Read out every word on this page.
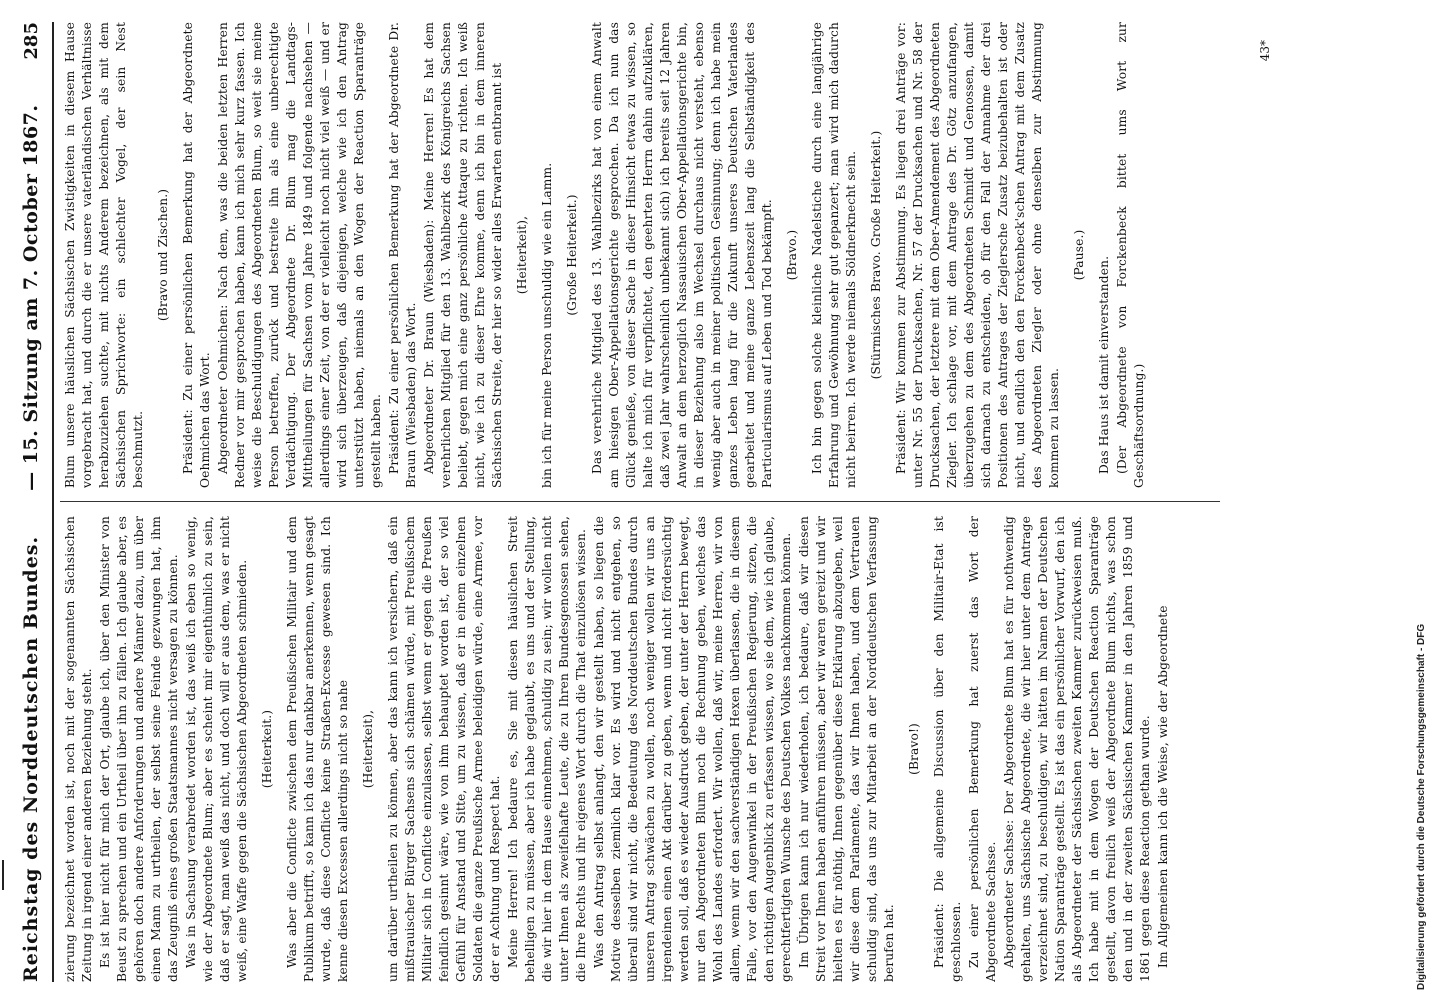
Reichstag des Norddeutschen Bundes.
— 15. Sitzung am 7. October 1867.
285

zierung bezeichnet worden ist, noch mit der sogenannten Sächsischen Zeitung in irgend einer anderen Beziehung steht. Es ist hier nicht für mich der Ort, glaube ich, über den Minister von Beust zu sprechen und ein Urtheil über ihn zu fällen. Ich glaube aber, es gehören doch andere Anforderungen und andere Männer dazu, um über einen Mann zu urtheilen, der selbst seine Feinde gezwungen hat, ihm das Zeugniß eines großen Staatsmannes nicht versagen zu können. Was in Sachsung verabredet worden ist, das weiß ich eben so wenig, wie der Abgeordnete Blum; aber es scheint mir eigenthümlich zu sein, daß er sagt, man weiß das nicht, und doch will er aus dem, was er nicht weiß, eine Waffe gegen die Sächsischen Abgeordneten schmieden. (Heiterkeit.) Was aber die Conflicte zwischen dem Preußischen Militair und dem Publikum betrifft, so kann ich das nur dankbar anerkennen, wenn gesagt wurde, daß diese Conflicte keine Straßen-Excesse gewesen sind. Ich kenne diesen Excessen allerdings nicht so nahe (Heiterkeit), um darüber urtheilen zu können, aber das kann ich versichern, daß ein mißtrauischer Bürger Sachsens sich schämen würde, mit Preußischem Militair sich in Conflicte einzulassen, selbst wenn er gegen die Preußen feindlich gesinnt wäre, wie von ihm behauptet worden ist, der so viel Gefühl für Anstand und Sitte, um zu wissen, daß er in einem einzelnen Soldaten die ganze Preußische Armee beleidigen würde, eine Armee, vor der er Achtung und Respect hat. Meine Herren! Ich bedaure es, Sie mit diesen häuslichen Streit behelligen zu müssen, aber ich habe geglaubt, es uns und der Stellung, die wir hier in dem Hause einnehmen, schuldig zu sein; wir wollen nicht unter Ihnen als zweifelhafte Leute, die zu Ihren Bundesgenossen sehen, die Ihre Rechts und ihr eigenes Wort durch die That einzulösen wissen. Was den Antrag selbst anlangt, den wir gestellt haben, so liegen die Motive desselben ziemlich klar vor. Es wird und nicht entgehen, so überall sind wir nicht, die Bedeutung des Norddeutschen Bundes durch unseren Antrag schwächen zu wollen, noch weniger wollen wir uns an irgendeinen einen Akt darüber zu geben, wenn und nicht fördersüchtig werden soll, daß es wieder Ausdruck geben, der unter der Herrn bewegt, nur den Abgeordneten Blum noch die Rechnung geben, welches das Wohl des Landes erfordert. Wir wollen, daß wir, meine Herren, wir von allem, wenn wir den sachverständigen Hexen überlassen, die in diesem Falle, vor den Augenwinkel in der Preußischen Regierung, sitzen, die den richtigen Augenblick zu erfassen wissen, wo sie dem, wie ich glaube, gerechtfertigten Wunsche des Deutschen Volkes nachkommen können. Im Übrigen kann ich nur wiederholen, ich bedaure, daß wir diesen Streit vor Ihnen haben anführen müssen, aber wir waren gereizt und wir hielten es für nöthig, Ihnen gegenüber diese Erklärung abzugeben, weil wir diese dem Parlamente, das wir Ihnen haben, und dem Vertrauen schuldig sind, das uns zur Mitarbeit an der Norddeutschen Verfassung berufen hat.

(Bravo!) Präsident: Die allgemeine Discussion über den Militair-Etat ist geschlossen. Zu einer persönlichen Bemerkung hat zuerst das Wort der Abgeordnete Sachsse. Abgeordneter Sachsse: Der Abgeordnete Blum hat es für nothwendig gehalten, uns Sächsische Abgeordnete, die wir hier unter dem Antrage verzeichnet sind, zu beschuldigen, wir hätten im Namen der Deutschen Nation Sparanträge gestellt. Es ist das ein persönlicher Vorwurf, den ich als Abgeordneter der Sächsischen zweiten Kammer zurückweisen muß. Ich habe mit in dem Wogen der Deutschen Reaction Sparanträge gestellt, davon freilich weiß der Abgeordnete Blum nichts, was schon den und in der zweiten Sächsischen Kammer in den Jahren 1859 und 1861 gegen diese Reaction gethan wurde. Im Allgemeinen kann ich die Weise, wie der Abgeordnete

Blum unsere häuslichen Sächsischen Zwistigkeiten in diesem Hause vorgebracht hat, und durch die er unsere vaterländischen Verhältnisse herabzuziehen suchte, mit nichts Anderem bezeichnen, als mit dem Sächsischen Sprichworte: ein schlechter Vogel, der sein Nest beschmutzt.

(Bravo und Zischen.) Präsident: Zu einer persönlichen Bemerkung hat der Abgeordnete Oehmichen das Wort. Abgeordneter Oehmichen: Nach dem, was die beiden letzten Herren Redner vor mir gesprochen haben, kann ich mich sehr kurz fassen. Ich weise die Beschuldigungen des Abgeordneten Blum, so weit sie meine Person betreffen, zurück und bestreite ihn als eine unberechtigte Verdächtigung. Der Abgeordnete Dr. Blum mag die Landtags-Mittheilungen für Sachsen vom Jahre 1849 und folgende nachsehen — allerdings einer Zeit, von der er vielleicht noch nicht viel weiß — und er wird sich überzeugen, daß diejenigen, welche wie ich den Antrag unterstützt haben, niemals an den Wogen der Reaction Sparanträge gestellt haben. Präsident: Zu einer persönlichen Bemerkung hat der Abgeordnete Dr. Braun (Wiesbaden) das Wort. Abgeordneter Dr. Braun (Wiesbaden): Meine Herren! Es hat dem verehrlichen Mitglied für den 13. Wahlbezirk des Königreichs Sachsen beliebt, gegen mich eine ganz persönliche Attaque zu richten. Ich weiß nicht, wie ich zu dieser Ehre komme, denn ich bin in dem inneren Sächsischen Streite, der hier so wider alles Erwarten entbrannt ist (Heiterkeit), bin ich für meine Person unschuldig wie ein Lamm. (Große Heiterkeit.) Das verehrliche Mitglied des 13. Wahlbezirks hat von einem Anwalt am hiesigen Ober-Appellationsgerichte gesprochen. Da ich nun das Glück genieße, von dieser Sache in dieser Hinsicht etwas zu wissen, so halte ich mich für verpflichtet, den geehrten Herrn dahin aufzuklären, daß zwei Jahr wahrscheinlich unbekannt sich) ich bereits seit 12 Jahren Anwalt an dem herzoglich Nassauischen Ober-Appellationsgerichte bin, in dieser Beziehung also im Wechsel durchaus nicht versteht, ebenso wenig aber auch in meiner politischen Gesinnung; denn ich habe mein ganzes Leben lang für die Zukunft unseres Deutschen Vaterlandes gearbeitet und meine ganze Lebenszeit lang die Selbständigkeit des Particularismus auf Leben und Tod bekämpft. (Bravo.) Ich bin gegen solche kleinliche Nadelstiche durch eine langjährige Erfahrung und Gewöhnung sehr gut gepanzert; man wird mich dadurch nicht beirren. Ich werde niemals Söldnerknecht sein. (Stürmisches Bravo. Große Heiterkeit.) Präsident: Wir kommen zur Abstimmung. Es liegen drei Anträge vor: unter Nr. 55 der Drucksachen, Nr. 57 der Drucksachen und Nr. 58 der Drucksachen, der letztere mit dem Ober-Amendement des Abgeordneten Ziegler. Ich schlage vor, mit dem Antrage des Dr. Götz anzufangen, überzugehen zu dem des Abgeordneten Schmidt und Genossen, damit sich darnach zu entscheiden, ob für den Fall der Annahme der drei Positionen des Antrages der Zieglersche Zusatz beizubehalten ist oder nicht, und endlich den den Forckenbeck'schen Antrag mit dem Zusatz des Abgeordneten Ziegler oder ohne denselben zur Abstimmung kommen zu lassen.

(Pause.)

Das Haus ist damit einverstanden. (Der Abgeordnete von Forckenbeck bittet ums Wort zur Geschäftsordnung.)

43*
Digitalisierung gefördert durch die Deutsche Forschungsgemeinschaft - DFG
